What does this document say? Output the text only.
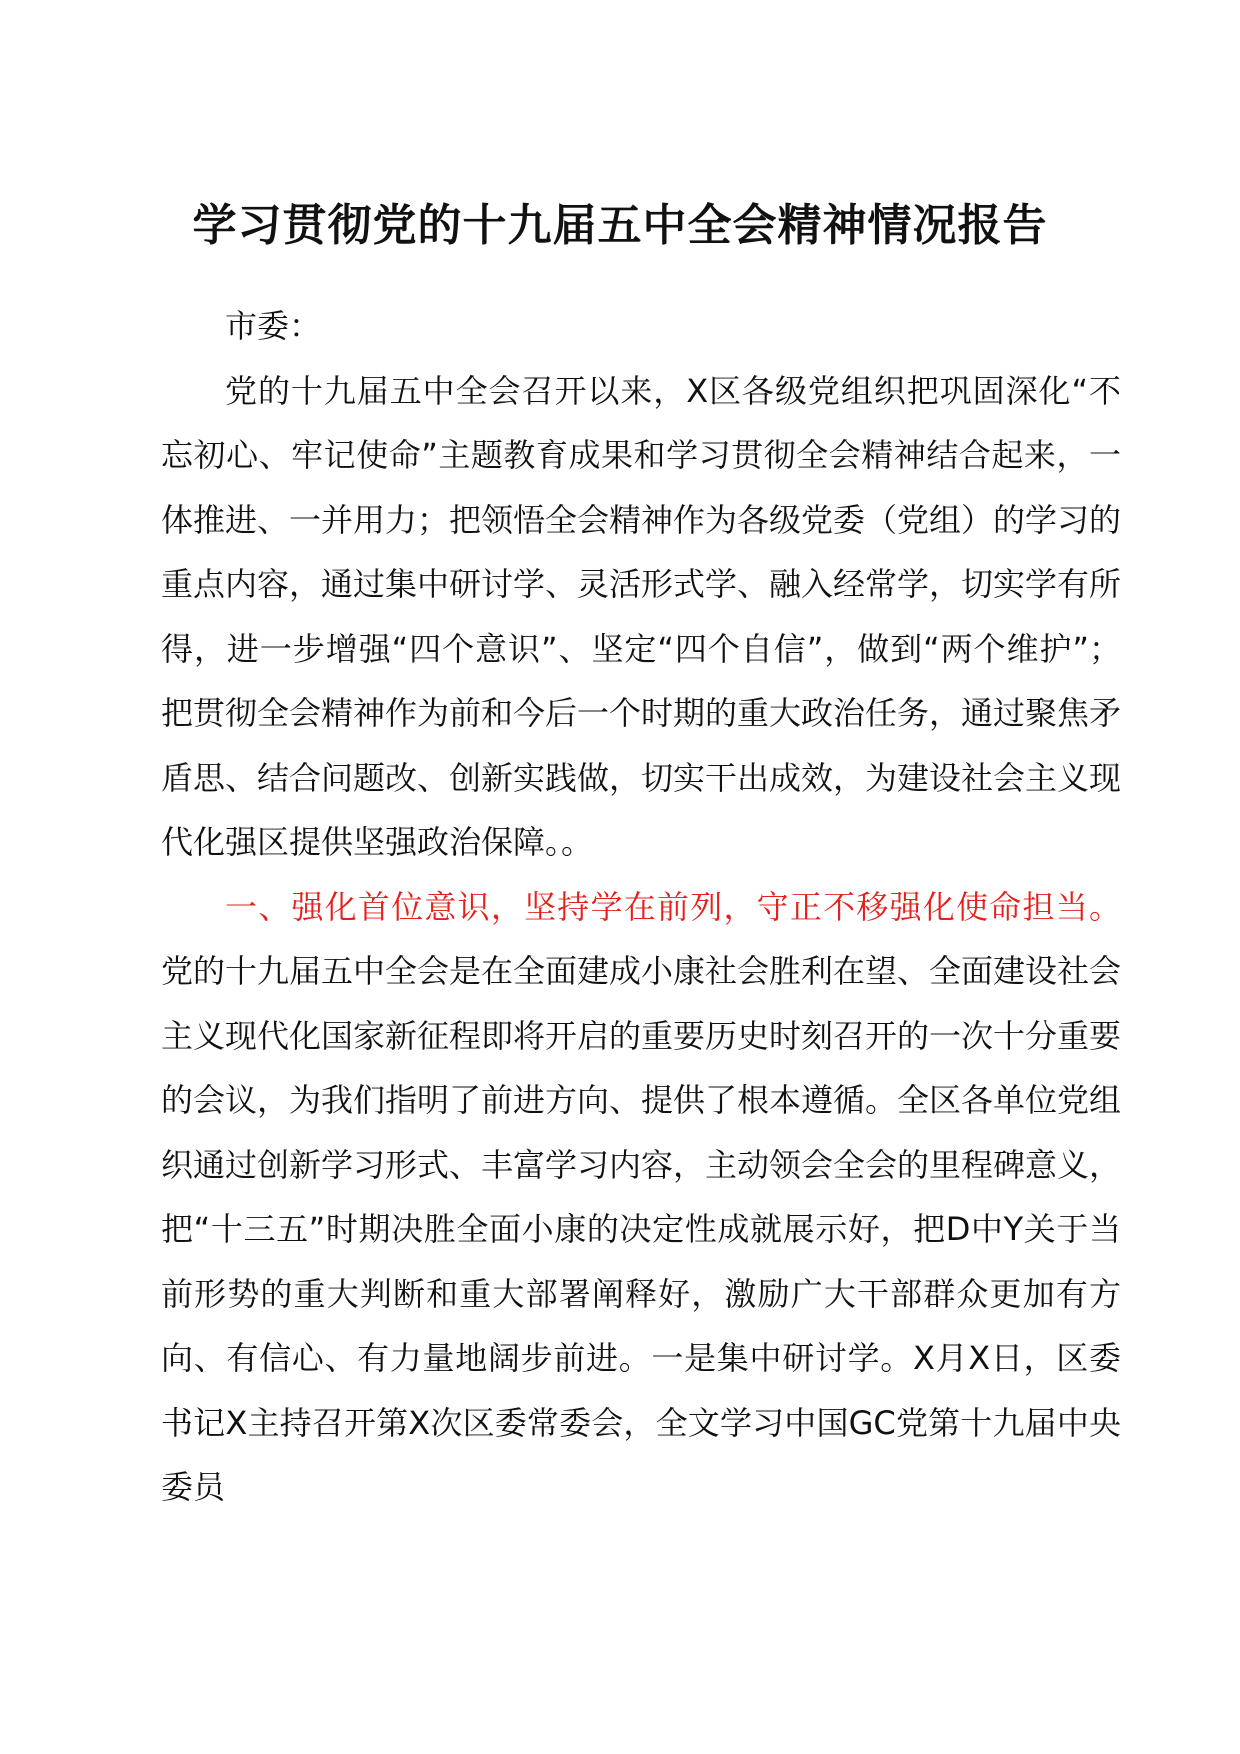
学习贯彻党的十九届五中全会精神情况报告

市委：

党的十九届五中全会召开以来，X区各级党组织把巩固深化“不忘初心、牢记使命”主题教育成果和学习贯彻全会精神结合起来，一体推进、一并用力；把领悟全会精神作为各级党委（党组）的学习的重点内容，通过集中研讨学、灵活形式学、融入经常学，切实学有所得，进一步增强“四个意识”、坚定“四个自信”，做到“两个维护”；把贯彻全会精神作为前和今后一个时期的重大政治任务，通过聚焦矛盾思、结合问题改、创新实践做，切实干出成效，为建设社会主义现代化强区提供坚强政治保障。。

一、强化首位意识，坚持学在前列，守正不移强化使命担当。党的十九届五中全会是在全面建成小康社会胜利在望、全面建设社会主义现代化国家新征程即将开启的重要历史时刻召开的一次十分重要的会议，为我们指明了前进方向、提供了根本遵循。全区各单位党组织通过创新学习形式、丰富学习内容，主动领会全会的里程碑意义，把“十三五”时期决胜全面小康的决定性成就展示好，把D中Y关于当前形势的重大判断和重大部署阐释好，激励广大干部群众更加有方向、有信心、有力量地阔步前进。一是集中研讨学。X月X日，区委书记X主持召开第X次区委常委会，全文学习中国GC党第十九届中央委员
